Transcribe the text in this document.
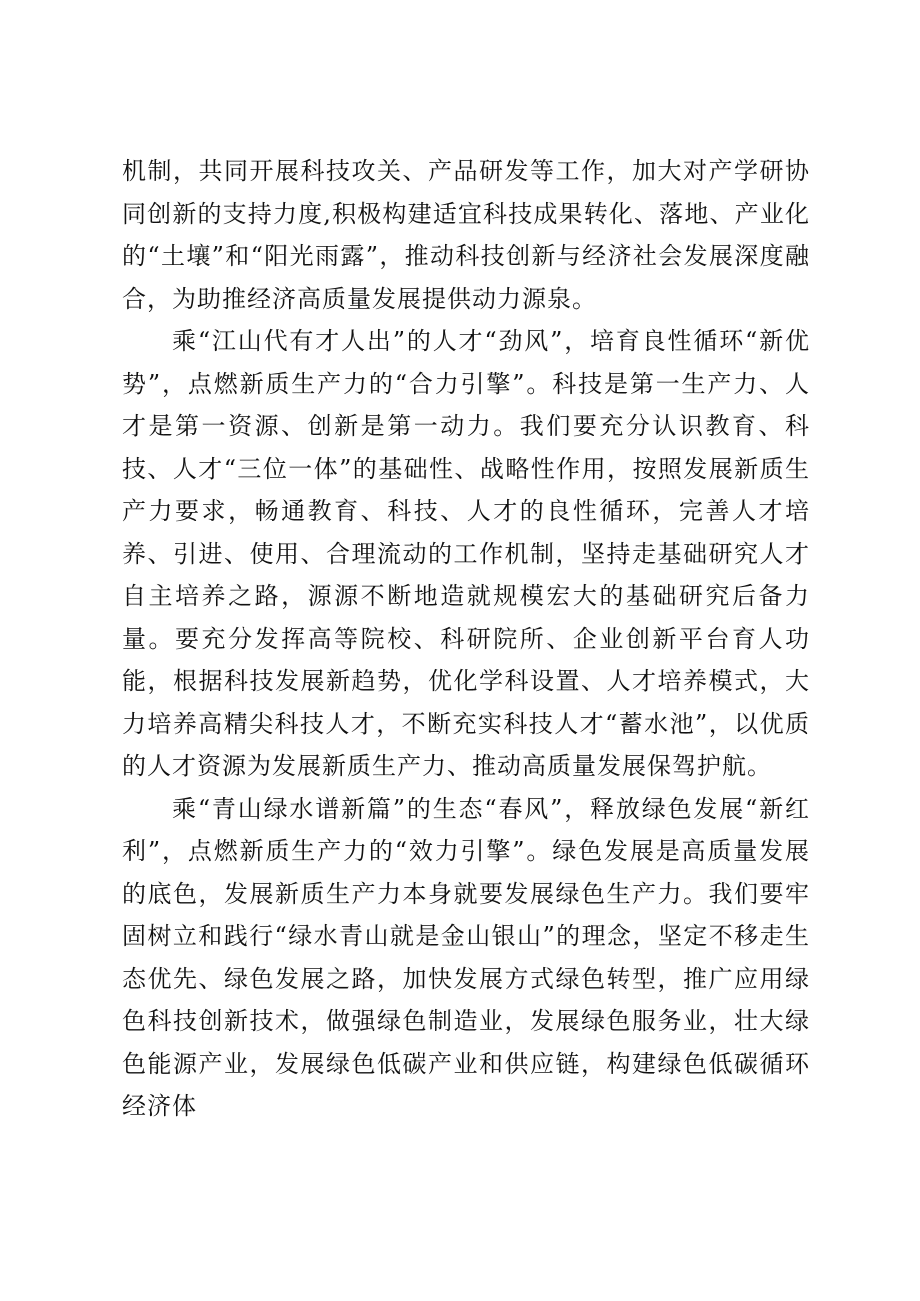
机制，共同开展科技攻关、产品研发等工作，加大对产学研协同创新的支持力度,积极构建适宜科技成果转化、落地、产业化的“土壤”和“阳光雨露”，推动科技创新与经济社会发展深度融合，为助推经济高质量发展提供动力源泉。

乘“江山代有才人出”的人才“劲风”，培育良性循环“新优势”，点燃新质生产力的“合力引擎”。科技是第一生产力、人才是第一资源、创新是第一动力。我们要充分认识教育、科技、人才“三位一体”的基础性、战略性作用，按照发展新质生产力要求，畅通教育、科技、人才的良性循环，完善人才培养、引进、使用、合理流动的工作机制，坚持走基础研究人才自主培养之路，源源不断地造就规模宏大的基础研究后备力量。要充分发挥高等院校、科研院所、企业创新平台育人功能，根据科技发展新趋势，优化学科设置、人才培养模式，大力培养高精尖科技人才，不断充实科技人才“蓄水池”，以优质的人才资源为发展新质生产力、推动高质量发展保驾护航。

乘“青山绿水谱新篇”的生态“春风”，释放绿色发展“新红利”，点燃新质生产力的“效力引擎”。绿色发展是高质量发展的底色，发展新质生产力本身就要发展绿色生产力。我们要牢固树立和践行“绿水青山就是金山银山”的理念，坚定不移走生态优先、绿色发展之路，加快发展方式绿色转型，推广应用绿色科技创新技术，做强绿色制造业，发展绿色服务业，壮大绿色能源产业，发展绿色低碳产业和供应链，构建绿色低碳循环经济体
